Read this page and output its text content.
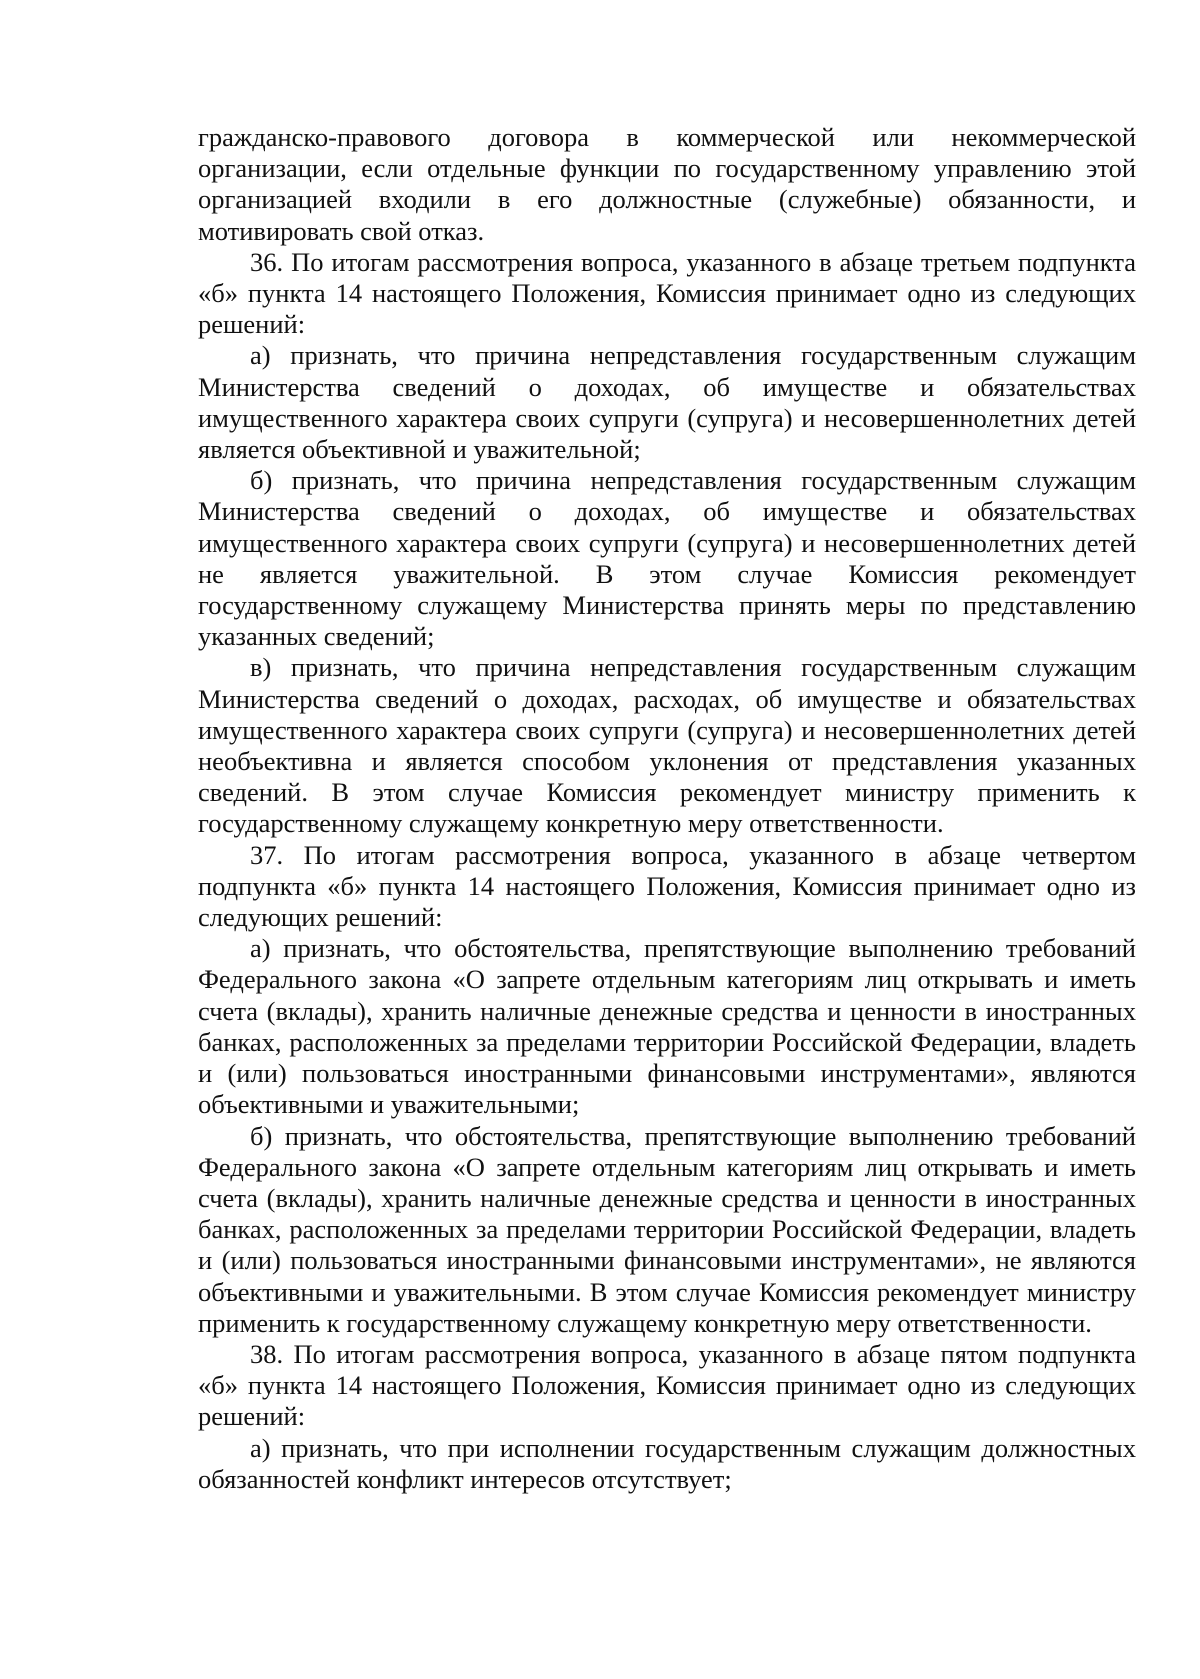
гражданско-правового договора в коммерческой или некоммерческой организации, если отдельные функции по государственному управлению этой организацией входили в его должностные (служебные) обязанности, и мотивировать свой отказ.

36. По итогам рассмотрения вопроса, указанного в абзаце третьем подпункта «б» пункта 14 настоящего Положения, Комиссия принимает одно из следующих решений:

а) признать, что причина непредставления государственным служащим Министерства сведений о доходах, об имуществе и обязательствах имущественного характера своих супруги (супруга) и несовершеннолетних детей является объективной и уважительной;

б) признать, что причина непредставления государственным служащим Министерства сведений о доходах, об имуществе и обязательствах имущественного характера своих супруги (супруга) и несовершеннолетних детей не является уважительной. В этом случае Комиссия рекомендует государственному служащему Министерства принять меры по представлению указанных сведений;

в) признать, что причина непредставления государственным служащим Министерства сведений о доходах, расходах, об имуществе и обязательствах имущественного характера своих супруги (супруга) и несовершеннолетних детей необъективна и является способом уклонения от представления указанных сведений. В этом случае Комиссия рекомендует министру применить к государственному служащему конкретную меру ответственности.

37. По итогам рассмотрения вопроса, указанного в абзаце четвертом подпункта «б» пункта 14 настоящего Положения, Комиссия принимает одно из следующих решений:

а) признать, что обстоятельства, препятствующие выполнению требований Федерального закона «О запрете отдельным категориям лиц открывать и иметь счета (вклады), хранить наличные денежные средства и ценности в иностранных банках, расположенных за пределами территории Российской Федерации, владеть и (или) пользоваться иностранными финансовыми инструментами», являются объективными и уважительными;

б) признать, что обстоятельства, препятствующие выполнению требований Федерального закона «О запрете отдельным категориям лиц открывать и иметь счета (вклады), хранить наличные денежные средства и ценности в иностранных банках, расположенных за пределами территории Российской Федерации, владеть и (или) пользоваться иностранными финансовыми инструментами», не являются объективными и уважительными. В этом случае Комиссия рекомендует министру применить к государственному служащему конкретную меру ответственности.

38. По итогам рассмотрения вопроса, указанного в абзаце пятом подпункта «б» пункта 14 настоящего Положения, Комиссия принимает одно из следующих решений:

а) признать, что при исполнении государственным служащим должностных обязанностей конфликт интересов отсутствует;
